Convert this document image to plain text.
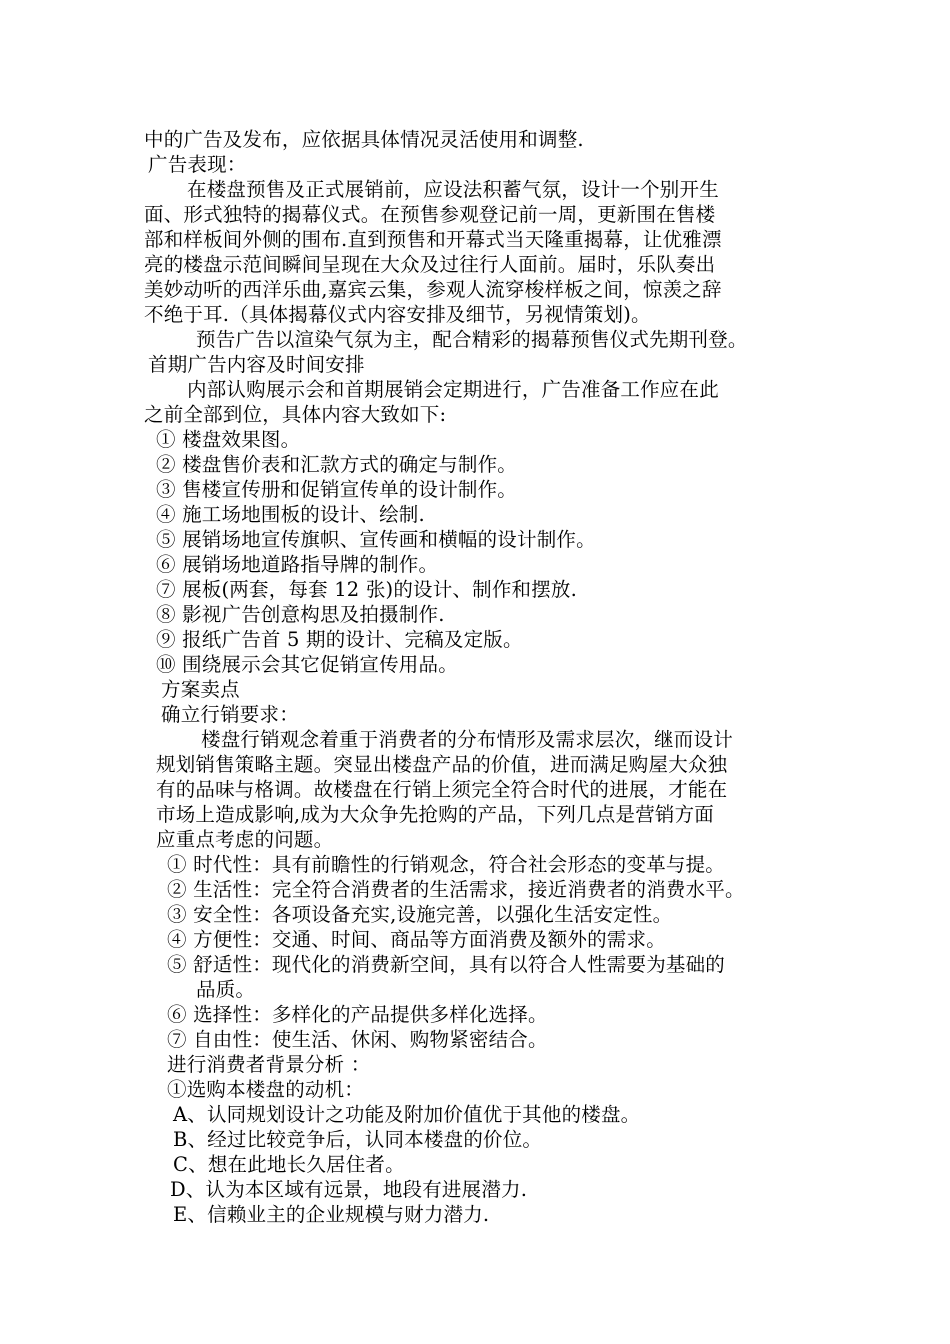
中的广告及发布，应依据具体情况灵活使用和调整.
广告表现：
在楼盘预售及正式展销前，应设法积蓄气氛，设计一个别开生
面、形式独特的揭幕仪式。在预售参观登记前一周，更新围在售楼
部和样板间外侧的围布.直到预售和开幕式当天隆重揭幕，让优雅漂
亮的楼盘示范间瞬间呈现在大众及过往行人面前。届时，乐队奏出
美妙动听的西洋乐曲,嘉宾云集，参观人流穿梭样板之间，惊羡之辞
不绝于耳.（具体揭幕仪式内容安排及细节，另视情策划)。
预告广告以渲染气氛为主，配合精彩的揭幕预售仪式先期刊登。
首期广告内容及时间安排
内部认购展示会和首期展销会定期进行，广告准备工作应在此
之前全部到位，具体内容大致如下:
① 楼盘效果图。
② 楼盘售价表和汇款方式的确定与制作。
③ 售楼宣传册和促销宣传单的设计制作。
④ 施工场地围板的设计、绘制.
⑤ 展销场地宣传旗帜、宣传画和横幅的设计制作。
⑥ 展销场地道路指导牌的制作。
⑦ 展板(两套，每套 12 张)的设计、制作和摆放.
⑧ 影视广告创意构思及拍摄制作.
⑨ 报纸广告首 5 期的设计、完稿及定版。
⑩ 围绕展示会其它促销宣传用品。
方案卖点
确立行销要求：
楼盘行销观念着重于消费者的分布情形及需求层次，继而设计
规划销售策略主题。突显出楼盘产品的价值，进而满足购屋大众独
有的品味与格调。故楼盘在行销上须完全符合时代的进展，才能在
市场上造成影响,成为大众争先抢购的产品，下列几点是营销方面
应重点考虑的问题。
① 时代性：具有前瞻性的行销观念，符合社会形态的变革与提。
② 生活性：完全符合消费者的生活需求，接近消费者的消费水平。
③ 安全性：各项设备充实,设施完善，以强化生活安定性。
④ 方便性：交通、时间、商品等方面消费及额外的需求。
⑤ 舒适性：现代化的消费新空间，具有以符合人性需要为基础的
品质。
⑥ 选择性：多样化的产品提供多样化选择。
⑦ 自由性：使生活、休闲、购物紧密结合。
进行消费者背景分析 ：
①选购本楼盘的动机：
A、认同规划设计之功能及附加价值优于其他的楼盘。
B、经过比较竞争后，认同本楼盘的价位。
C、想在此地长久居住者。
D、认为本区域有远景，地段有进展潜力.
E、信赖业主的企业规模与财力潜力.
